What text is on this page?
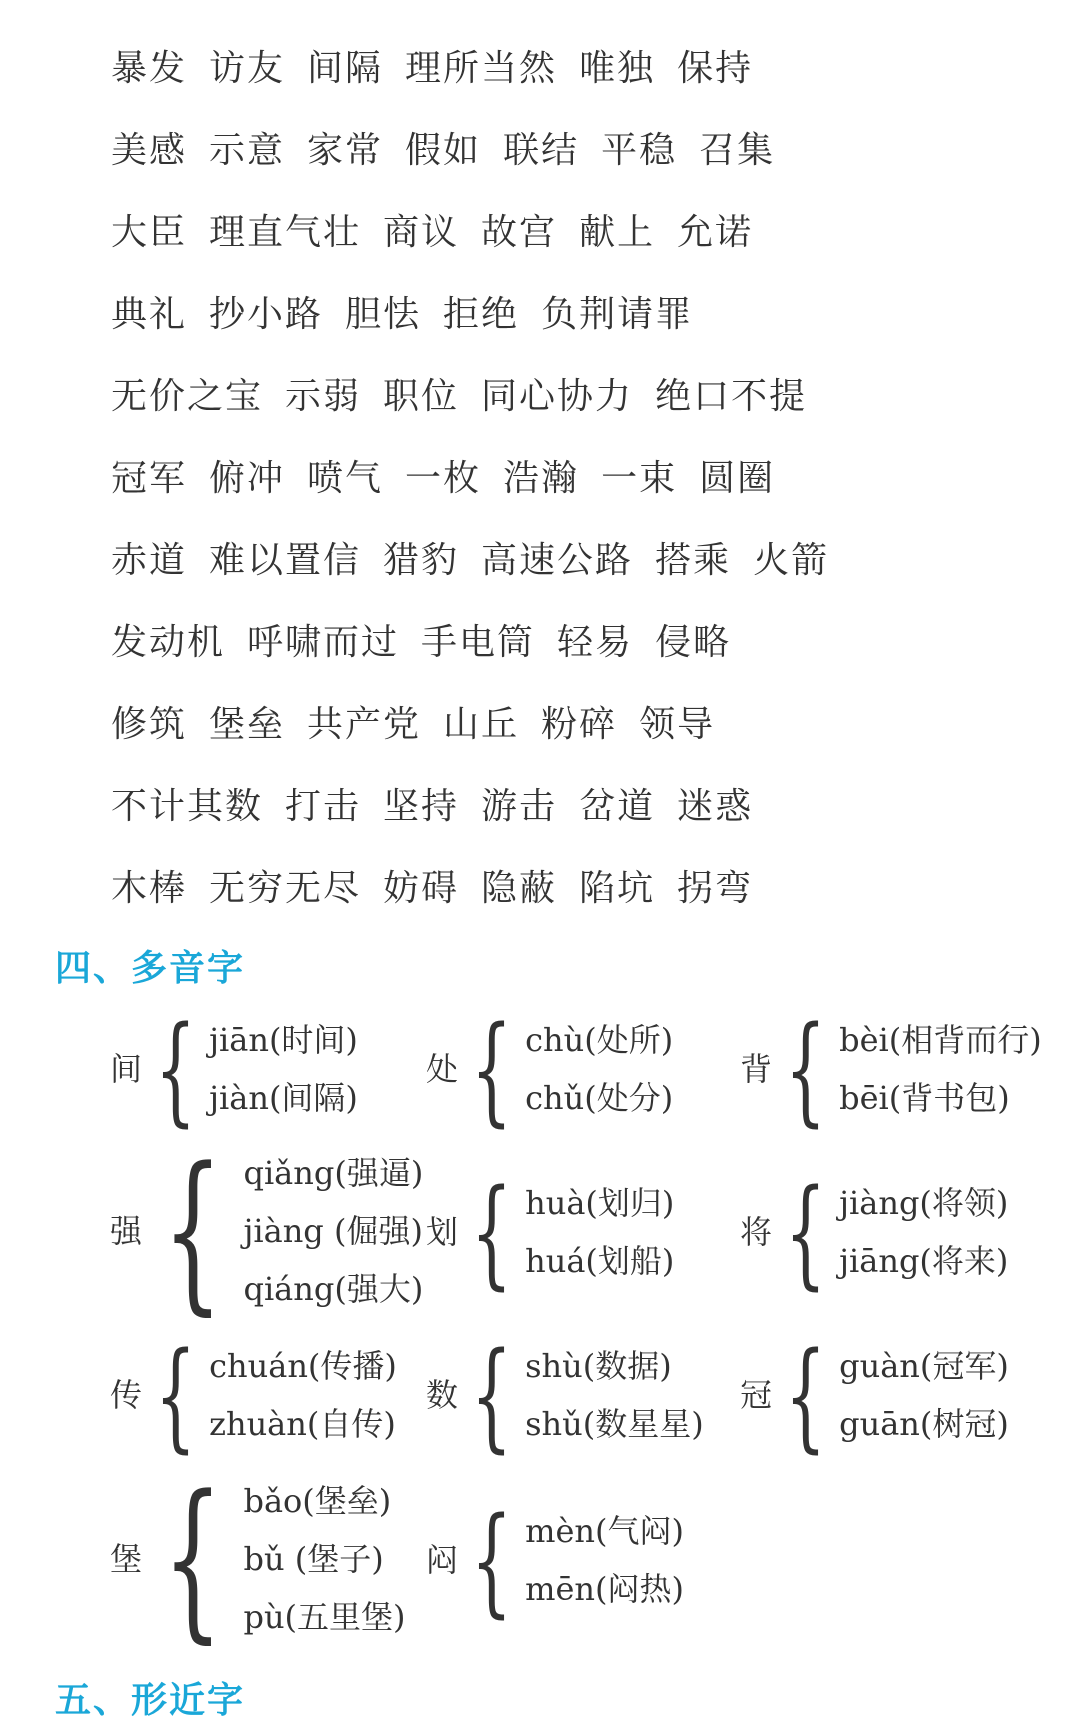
暴发 访友 间隔 理所当然 唯独 保持
美感 示意 家常 假如 联结 平稳 召集
大臣 理直气壮 商议 故宫 献上 允诺
典礼 抄小路 胆怯 拒绝 负荆请罪
无价之宝 示弱 职位 同心协力 绝口不提
冠军 俯冲 喷气 一枚 浩瀚 一束 圆圈
赤道 难以置信 猎豹 高速公路 搭乘 火箭
发动机 呼啸而过 手电筒 轻易 侵略
修筑 堡垒 共产党 山丘 粉碎 领导
不计其数 打击 坚持 游击 岔道 迷惑
木棒 无穷无尽 妨碍 隐蔽 陷坑 拐弯
四、多音字
间 { jiān(时间)
jiàn(间隔)
处 { chù(处所)
chǔ(处分)
背 { bèi(相背而行)
bēi(背书包)
强 { qiǎng(强逼)
jiàng (倔强)
qiáng(强大)
划 { huà(划归)
huá(划船)
将 { jiàng(将领)
jiāng(将来)
传 { chuán(传播)
zhuàn(自传)
数 { shù(数据)
shǔ(数星星)
冠 { guàn(冠军)
guān(树冠)
堡 { bǎo(堡垒)
bǔ (堡子)
pù(五里堡)
闷 { mèn(气闷)
mēn(闷热)
五、形近字
